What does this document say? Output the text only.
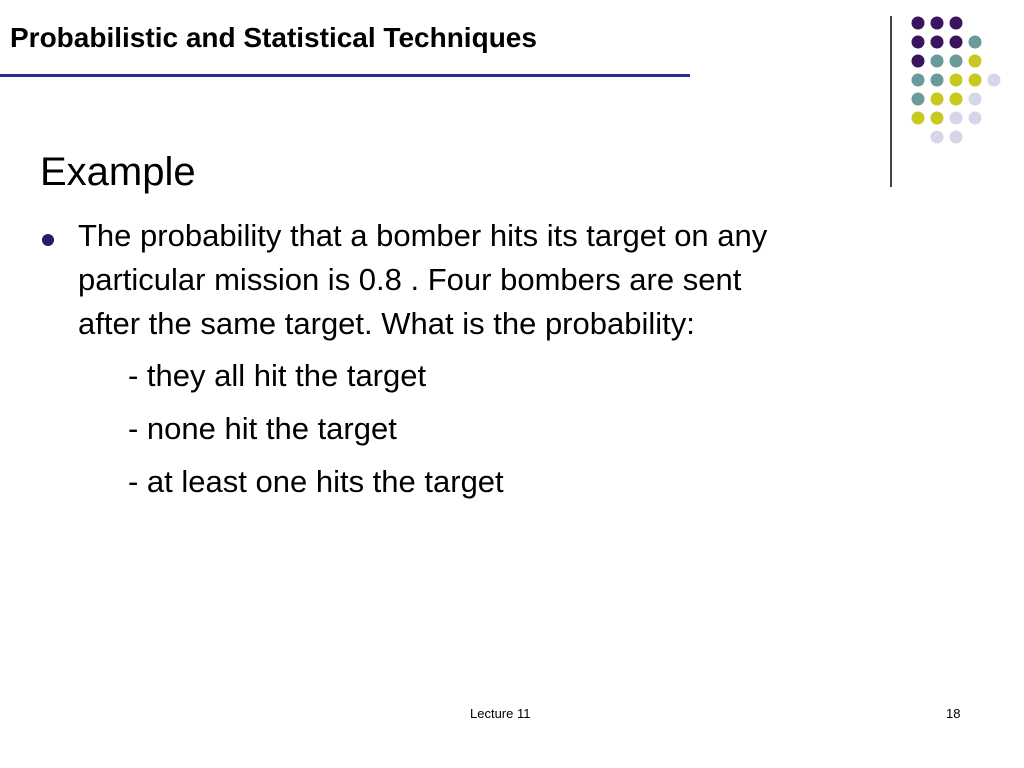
Probabilistic and Statistical Techniques
Example
The probability that a bomber hits its target on any
particular mission is 0.8 . Four bombers are sent
after the same target. What is the probability:
- they all hit the target
- none hit the target
- at least one hits the target
Lecture 11	18
